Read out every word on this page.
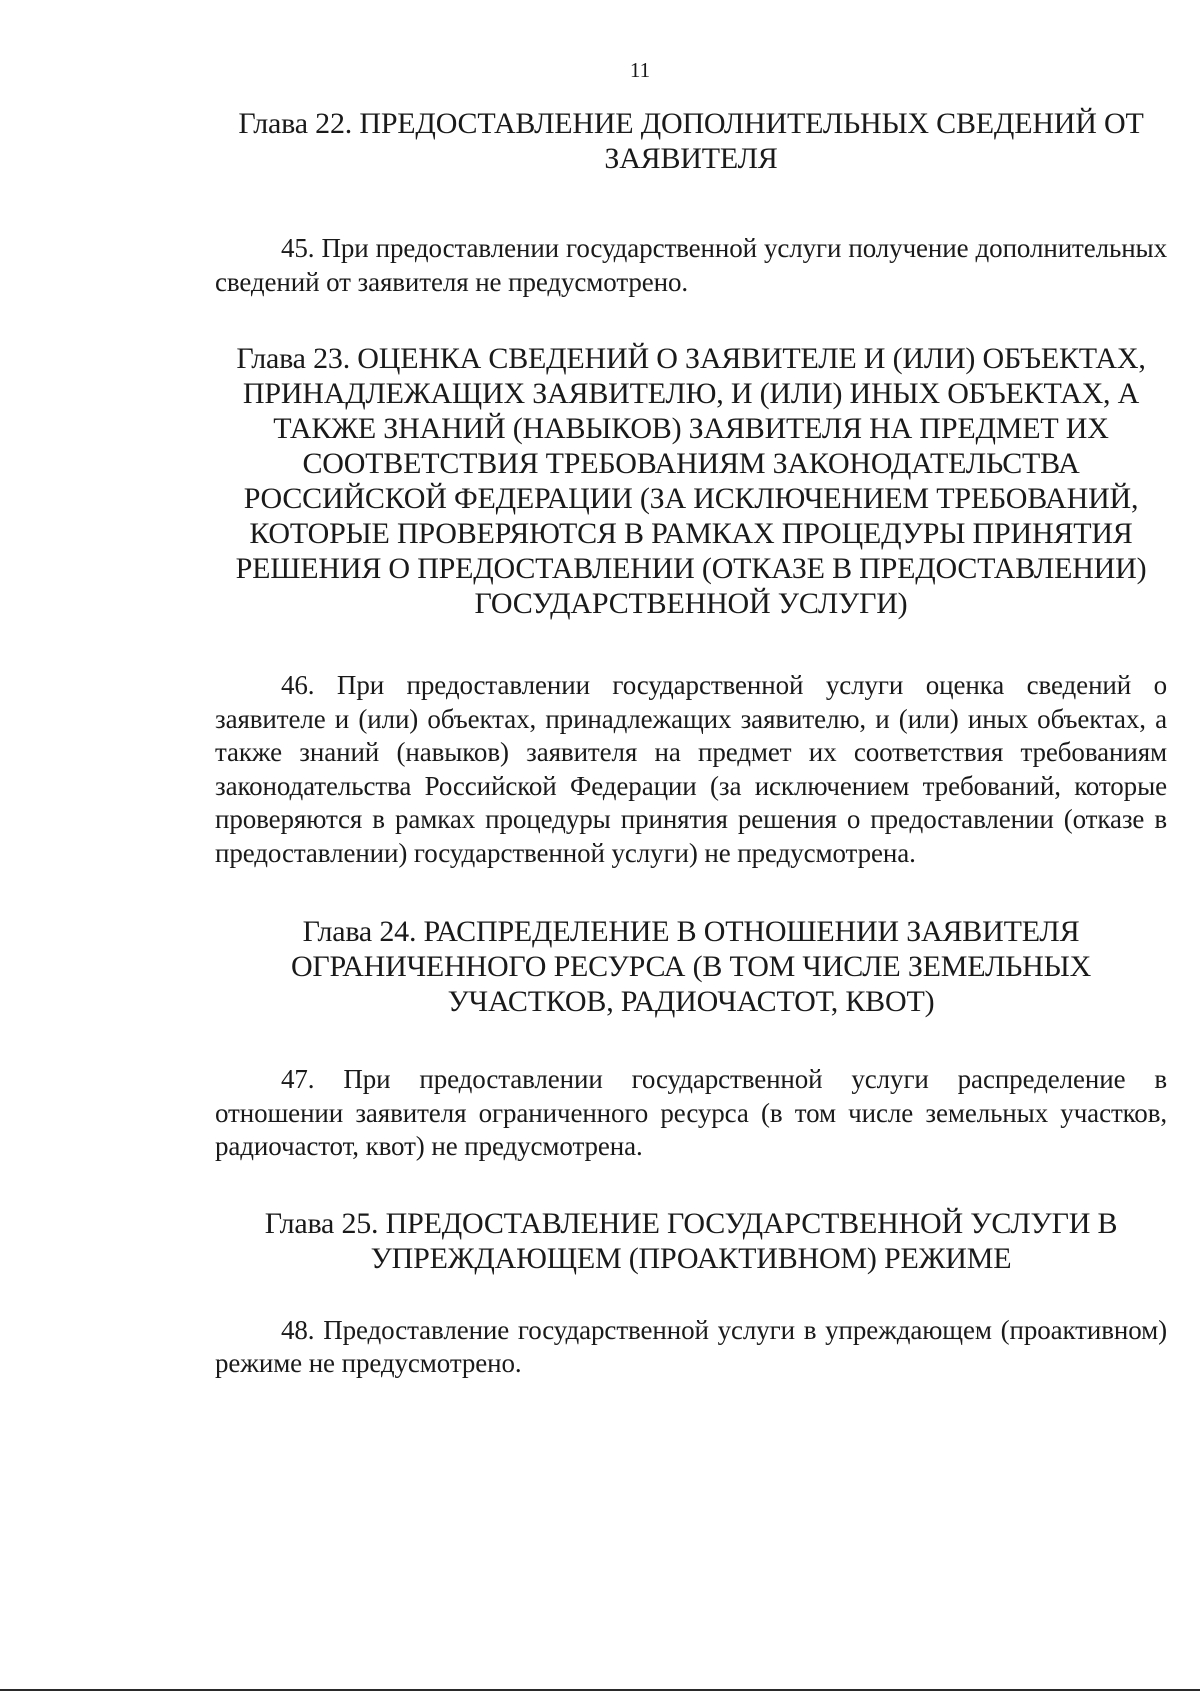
11
Глава 22. ПРЕДОСТАВЛЕНИЕ ДОПОЛНИТЕЛЬНЫХ СВЕДЕНИЙ ОТ ЗАЯВИТЕЛЯ

45. При предоставлении государственной услуги получение дополнительных сведений от заявителя не предусмотрено.

Глава 23. ОЦЕНКА СВЕДЕНИЙ О ЗАЯВИТЕЛЕ И (ИЛИ) ОБЪЕКТАХ, ПРИНАДЛЕЖАЩИХ ЗАЯВИТЕЛЮ, И (ИЛИ) ИНЫХ ОБЪЕКТАХ, А ТАКЖЕ ЗНАНИЙ (НАВЫКОВ) ЗАЯВИТЕЛЯ НА ПРЕДМЕТ ИХ СООТВЕТСТВИЯ ТРЕБОВАНИЯМ ЗАКОНОДАТЕЛЬСТВА РОССИЙСКОЙ ФЕДЕРАЦИИ (ЗА ИСКЛЮЧЕНИЕМ ТРЕБОВАНИЙ, КОТОРЫЕ ПРОВЕРЯЮТСЯ В РАМКАХ ПРОЦЕДУРЫ ПРИНЯТИЯ РЕШЕНИЯ О ПРЕДОСТАВЛЕНИИ (ОТКАЗЕ В ПРЕДОСТАВЛЕНИИ) ГОСУДАРСТВЕННОЙ УСЛУГИ)

46. При предоставлении государственной услуги оценка сведений о заявителе и (или) объектах, принадлежащих заявителю, и (или) иных объектах, а также знаний (навыков) заявителя на предмет их соответствия требованиям законодательства Российской Федерации (за исключением требований, которые проверяются в рамках процедуры принятия решения о предоставлении (отказе в предоставлении) государственной услуги) не предусмотрена.

Глава 24. РАСПРЕДЕЛЕНИЕ В ОТНОШЕНИИ ЗАЯВИТЕЛЯ ОГРАНИЧЕННОГО РЕСУРСА (В ТОМ ЧИСЛЕ ЗЕМЕЛЬНЫХ УЧАСТКОВ, РАДИОЧАСТОТ, КВОТ)

47. При предоставлении государственной услуги распределение в отношении заявителя ограниченного ресурса (в том числе земельных участков, радиочастот, квот) не предусмотрена.

Глава 25. ПРЕДОСТАВЛЕНИЕ ГОСУДАРСТВЕННОЙ УСЛУГИ В УПРЕЖДАЮЩЕМ (ПРОАКТИВНОМ) РЕЖИМЕ

48. Предоставление государственной услуги в упреждающем (проактивном) режиме не предусмотрено.
